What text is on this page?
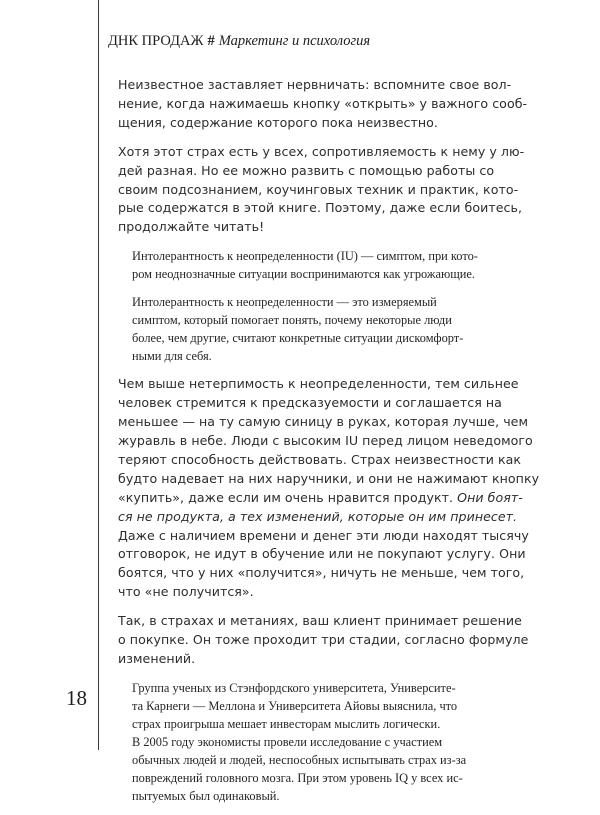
ДНК ПРОДАЖ # Маркетинг и психология

Неизвестное заставляет нервничать: вспомните свое вол-
нение, когда нажимаешь кнопку «открыть» у важного сооб-
щения, содержание которого пока неизвестно.

Хотя этот страх есть у всех, сопротивляемость к нему у лю-
дей разная. Но ее можно развить с помощью работы со
своим подсознанием, коучинговых техник и практик, кото-
рые содержатся в этой книге. Поэтому, даже если боитесь,
продолжайте читать!

Интолерантность к неопределенности (IU) — симптом, при кото-
ром неоднозначные ситуации воспринимаются как угрожающие.
Интолерантность к неопределенности — это измеряемый
симптом, который помогает понять, почему некоторые люди
более, чем другие, считают конкретные ситуации дискомфорт-
ными для себя.

Чем выше нетерпимость к неопределенности, тем сильнее
человек стремится к предсказуемости и соглашается на
меньшее — на ту самую синицу в руках, которая лучше, чем
журавль в небе. Люди с высоким IU перед лицом неведомого
теряют способность действовать. Страх неизвестности как
будто надевает на них наручники, и они не нажимают кнопку
«купить», даже если им очень нравится продукт. Они боят-
ся не продукта, а тех изменений, которые он им принесет.
Даже с наличием времени и денег эти люди находят тысячу
отговорок, не идут в обучение или не покупают услугу. Они
боятся, что у них «получится», ничуть не меньше, чем того,
что «не получится».

Так, в страхах и метаниях, ваш клиент принимает решение
о покупке. Он тоже проходит три стадии, согласно формуле
изменений.

Группа ученых из Стэнфордского университета, Университе-
та Карнеги — Меллона и Университета Айовы выяснила, что
страх проигрыша мешает инвесторам мыслить логически.
В 2005 году экономисты провели исследование с участием
обычных людей и людей, неспособных испытывать страх из-за
повреждений головного мозга. При этом уровень IQ у всех ис-
пытуемых был одинаковый.
18
